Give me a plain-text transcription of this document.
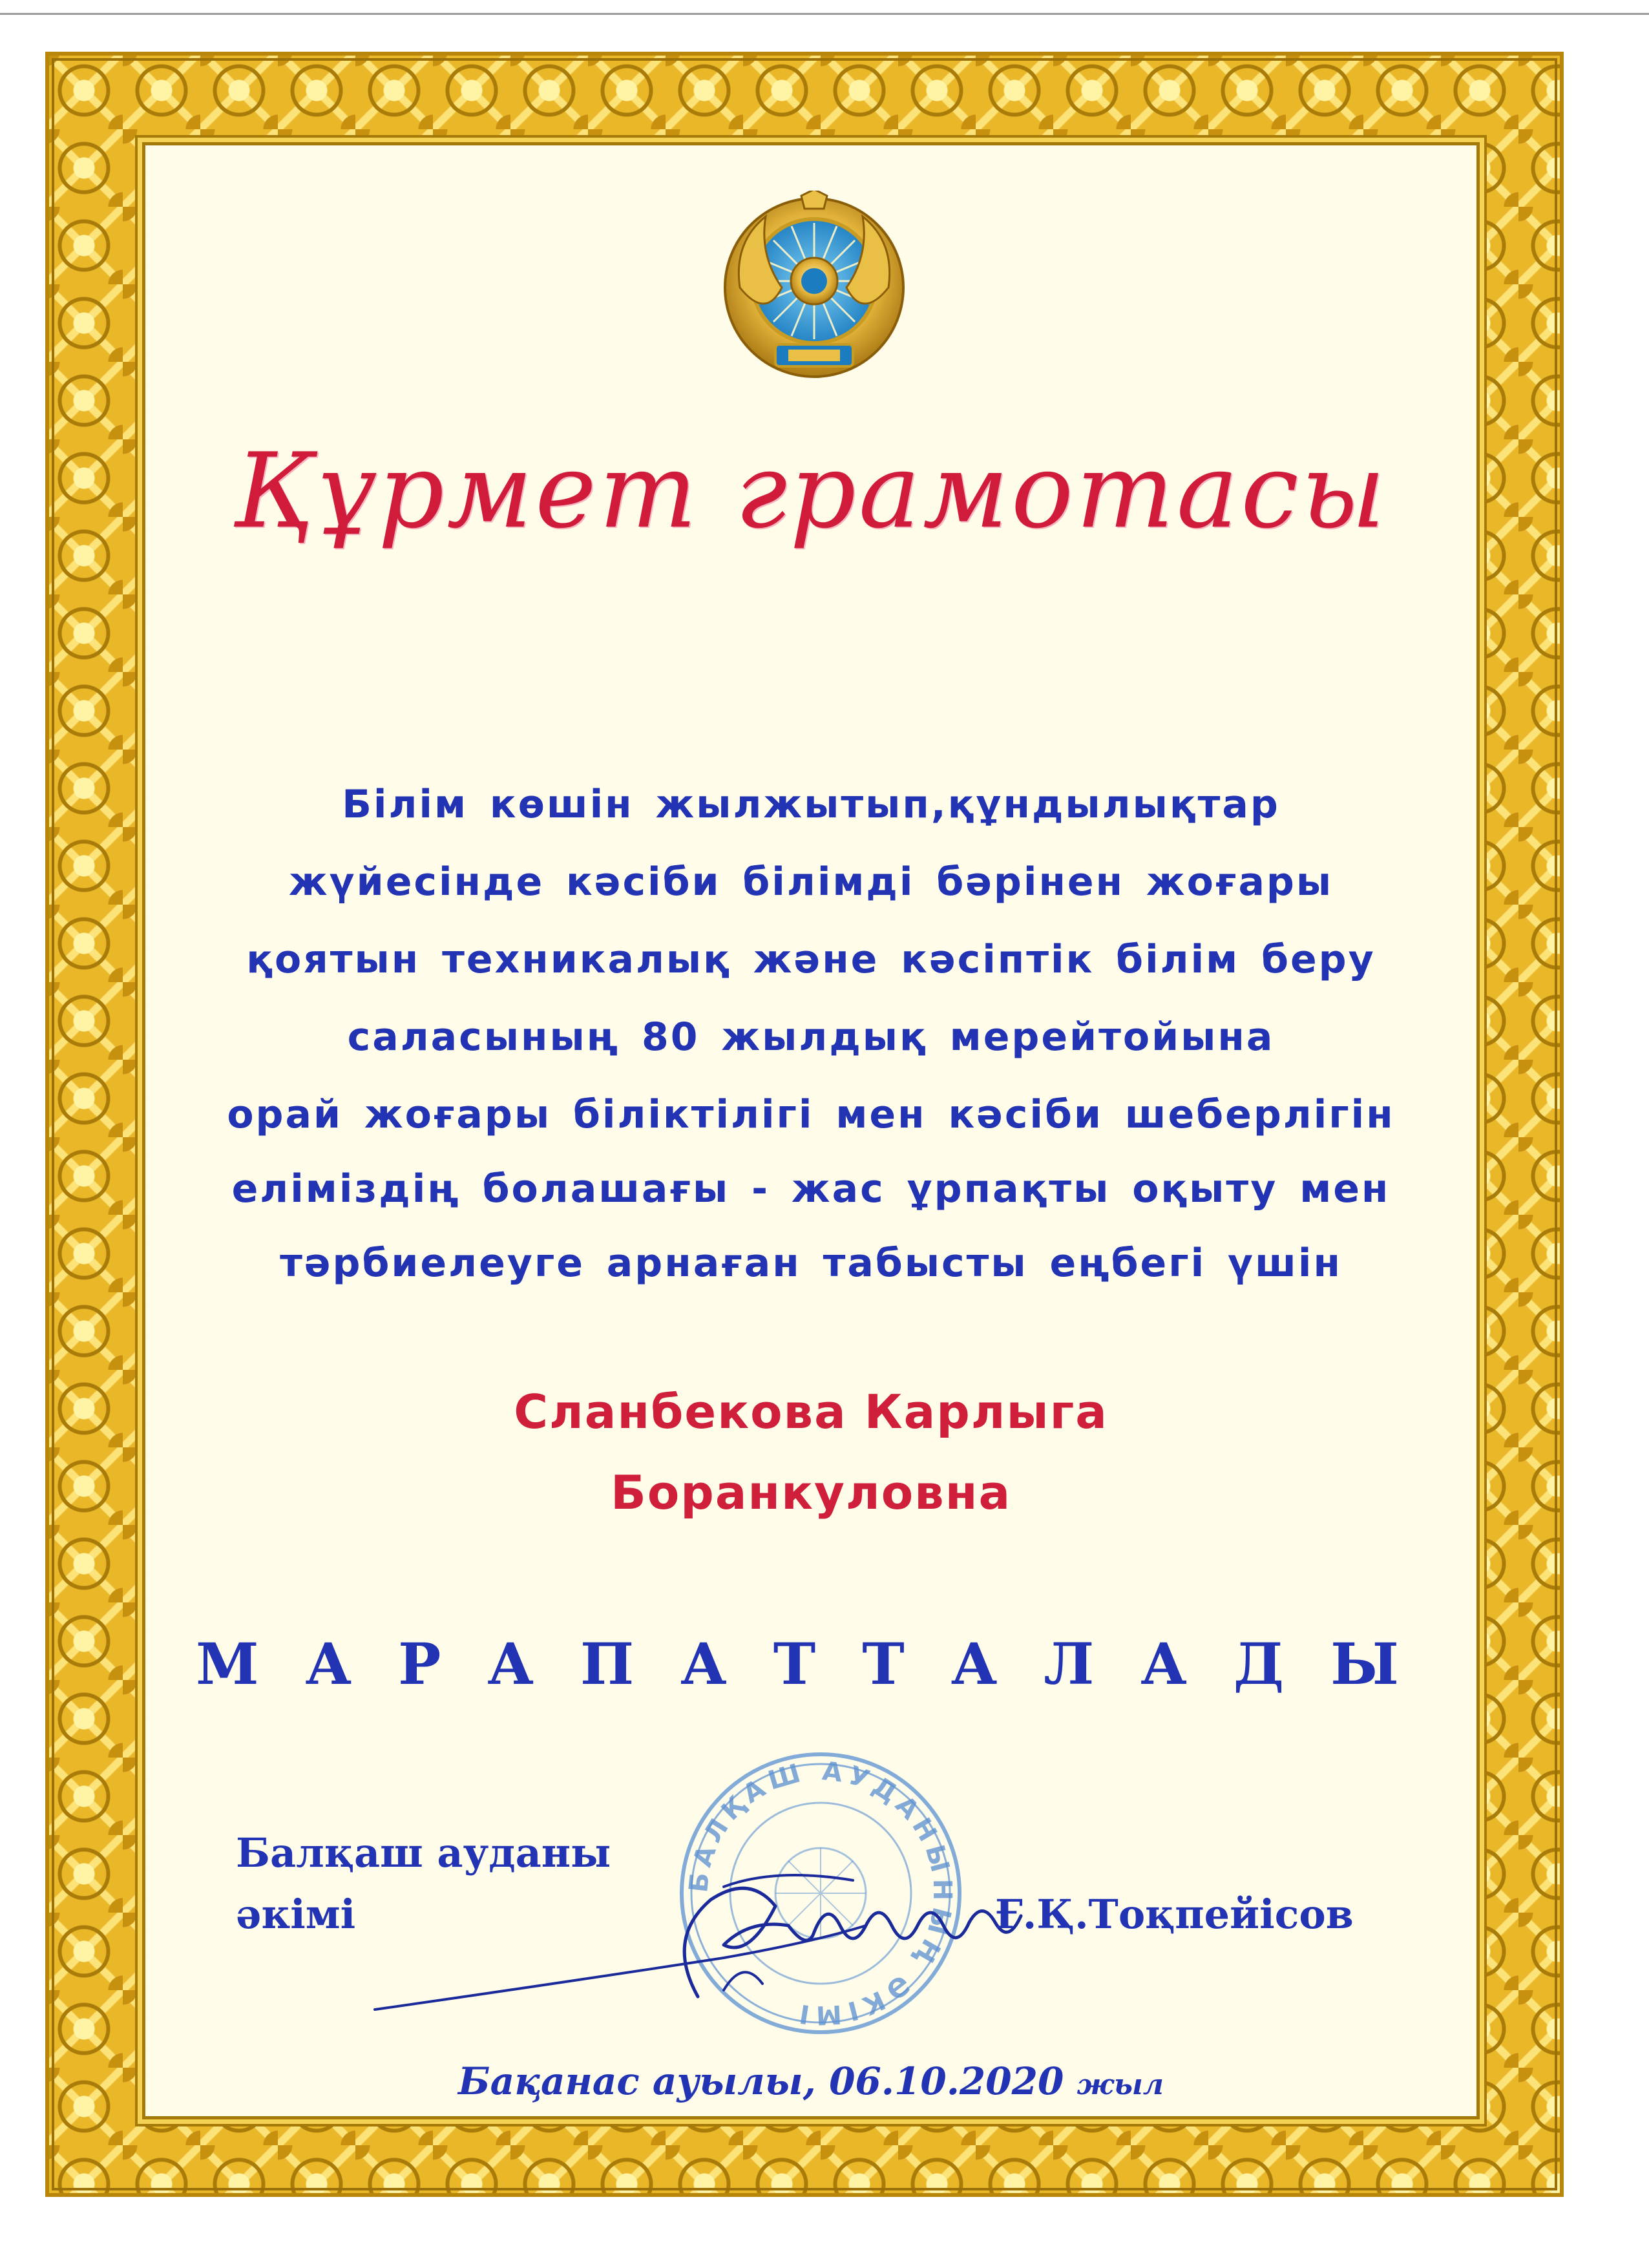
Құрмет грамотасы
Білім көшін жылжытып,құндылықтар
жүйесінде кәсіби білімді бәрінен жоғары
қоятын техникалық және кәсіптік білім беру
саласының 80 жылдық мерейтойына
орай жоғары біліктілігі мен кәсіби шеберлігін
еліміздің болашағы - жас ұрпақты оқыту мен
тәрбиелеуге арнаған табысты еңбегі үшін
Сланбекова Карлыга
Боранкуловна
МАРАПАТТАЛАДЫ
БАЛҚАШ АУДАНЫНЫҢ ӘКІМІ
Балқаш ауданы
әкімі	Ғ.Қ.Тоқпейісов
Бақанас ауылы, 06.10.2020 жыл
